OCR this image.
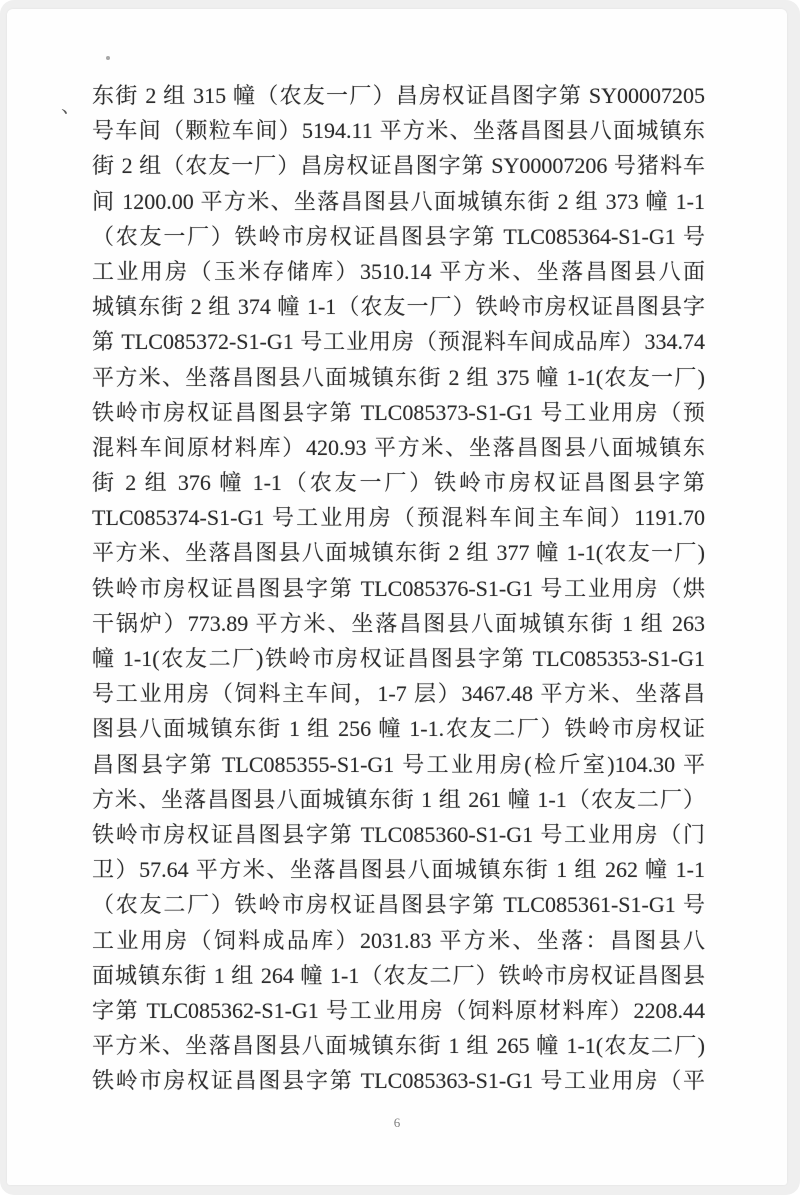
、 东街 2 组 315 幢（农友一厂）昌房权证昌图字第 SY00007205
号车间（颗粒车间）5194.11 平方米、坐落昌图县八面城镇东
街 2 组（农友一厂）昌房权证昌图字第 SY00007206 号猪料车
间 1200.00 平方米、坐落昌图县八面城镇东街 2 组 373 幢 1-1
（农友一厂）铁岭市房权证昌图县字第 TLC085364-S1-G1 号
工业用房（玉米存储库）3510.14 平方米、坐落昌图县八面
城镇东街 2 组 374 幢 1-1（农友一厂）铁岭市房权证昌图县字
第 TLC085372-S1-G1 号工业用房（预混料车间成品库）334.74
平方米、坐落昌图县八面城镇东街 2 组 375 幢 1-1(农友一厂)
铁岭市房权证昌图县字第 TLC085373-S1-G1 号工业用房（预
混料车间原材料库）420.93 平方米、坐落昌图县八面城镇东
街 2 组 376 幢 1-1（农友一厂）铁岭市房权证昌图县字第
TLC085374-S1-G1 号工业用房（预混料车间主车间）1191.70
平方米、坐落昌图县八面城镇东街 2 组 377 幢 1-1(农友一厂)
铁岭市房权证昌图县字第 TLC085376-S1-G1 号工业用房（烘
干锅炉）773.89 平方米、坐落昌图县八面城镇东街 1 组 263
幢 1-1(农友二厂)铁岭市房权证昌图县字第 TLC085353-S1-G1
号工业用房（饲料主车间，1-7 层）3467.48 平方米、坐落昌
图县八面城镇东街 1 组 256 幢 1-1.农友二厂）铁岭市房权证
昌图县字第 TLC085355-S1-G1 号工业用房(检斤室)104.30 平
方米、坐落昌图县八面城镇东街 1 组 261 幢 1-1（农友二厂）
铁岭市房权证昌图县字第 TLC085360-S1-G1 号工业用房（门
卫）57.64 平方米、坐落昌图县八面城镇东街 1 组 262 幢 1-1
（农友二厂）铁岭市房权证昌图县字第 TLC085361-S1-G1 号
工业用房（饲料成品库）2031.83 平方米、坐落：昌图县八
面城镇东街 1 组 264 幢 1-1（农友二厂）铁岭市房权证昌图县
字第 TLC085362-S1-G1 号工业用房（饲料原材料库）2208.44
平方米、坐落昌图县八面城镇东街 1 组 265 幢 1-1(农友二厂)
铁岭市房权证昌图县字第 TLC085363-S1-G1 号工业用房（平
6
